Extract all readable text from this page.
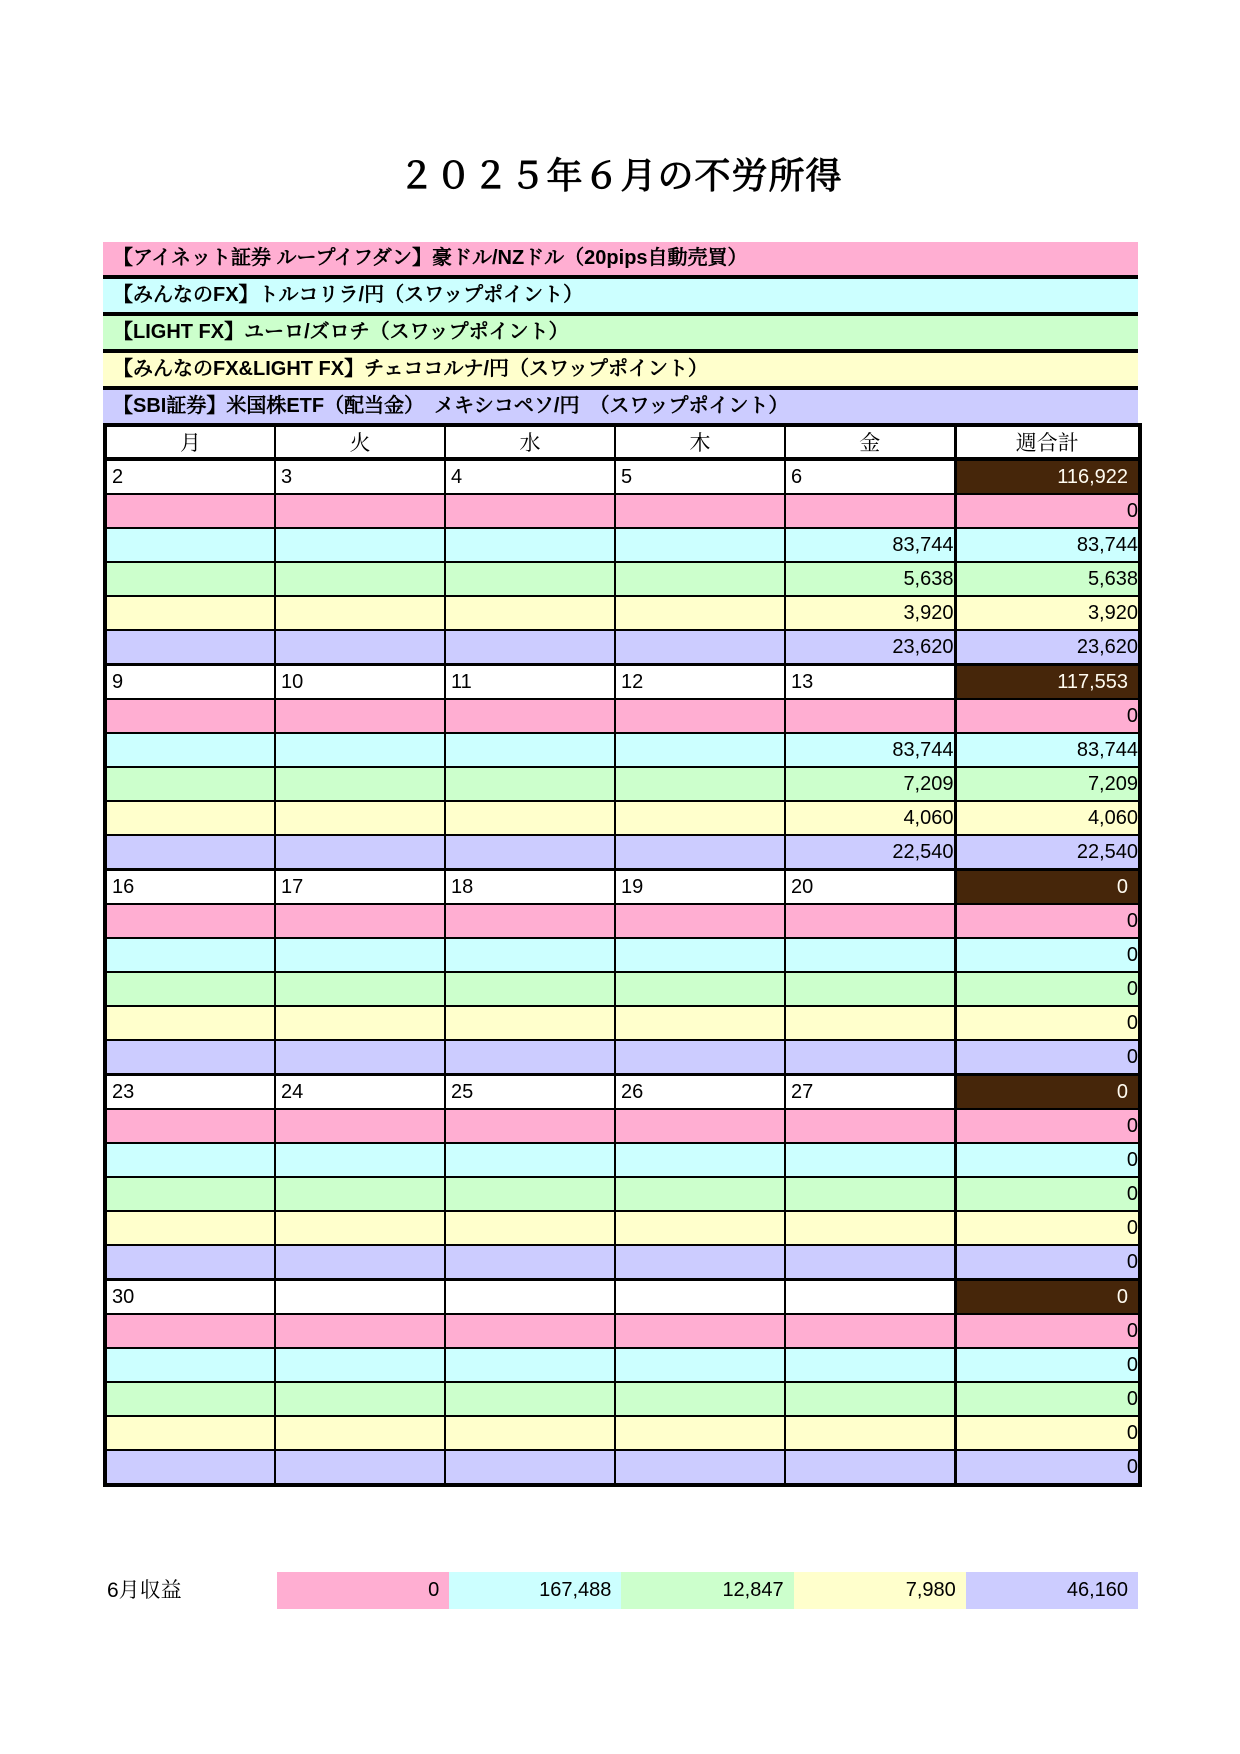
２０２５年６月の不労所得
【アイネット証券 ループイフダン】豪ドル/NZドル（20pips自動売買）
【みんなのFX】トルコリラ/円（スワップポイント）
【LIGHT FX】ユーロ/ズロチ（スワップポイント）
【みんなのFX&LIGHT FX】チェココルナ/円（スワップポイント）
【SBI証券】米国株ETF（配当金）　メキシコペソ/円　（スワップポイント）
月	火	水	木	金	週合計
2	3	4	5	6	116,922
					0
				83,744	83,744
				5,638	5,638
				3,920	3,920
				23,620	23,620
9	10	11	12	13	117,553
					0
				83,744	83,744
				7,209	7,209
				4,060	4,060
				22,540	22,540
16	17	18	19	20	0
					0
					0
					0
					0
					0
23	24	25	26	27	0
					0
					0
					0
					0
					0
30					0
					0
					0
					0
					0
					0
6月収益	0	167,488	12,847	7,980	46,160
